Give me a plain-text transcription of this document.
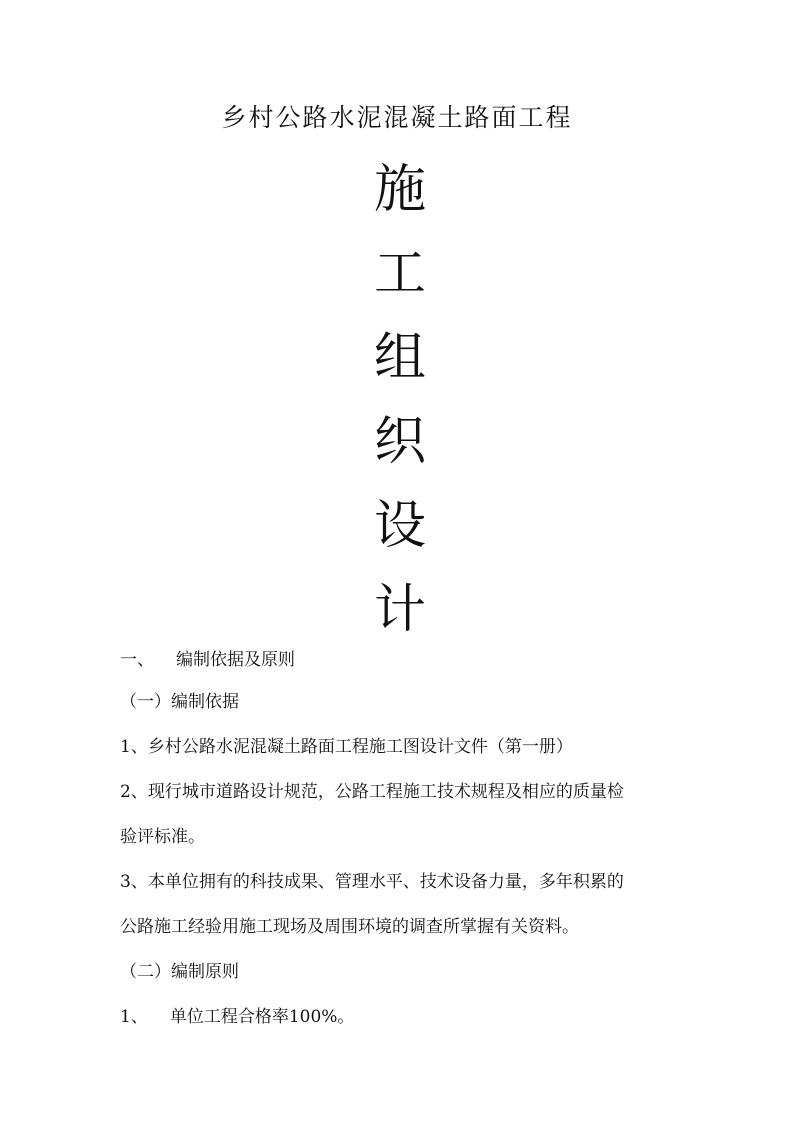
乡村公路水泥混凝土路面工程
施
工
组
织
设
计
一、 编制依据及原则
（一）编制依据
1、乡村公路水泥混凝土路面工程施工图设计文件（第一册）
2、现行城市道路设计规范，公路工程施工技术规程及相应的质量检
验评标准。
3、本单位拥有的科技成果、管理水平、技术设备力量，多年积累的
公路施工经验用施工现场及周围环境的调查所掌握有关资料。
（二）编制原则
1、 单位工程合格率100%。
